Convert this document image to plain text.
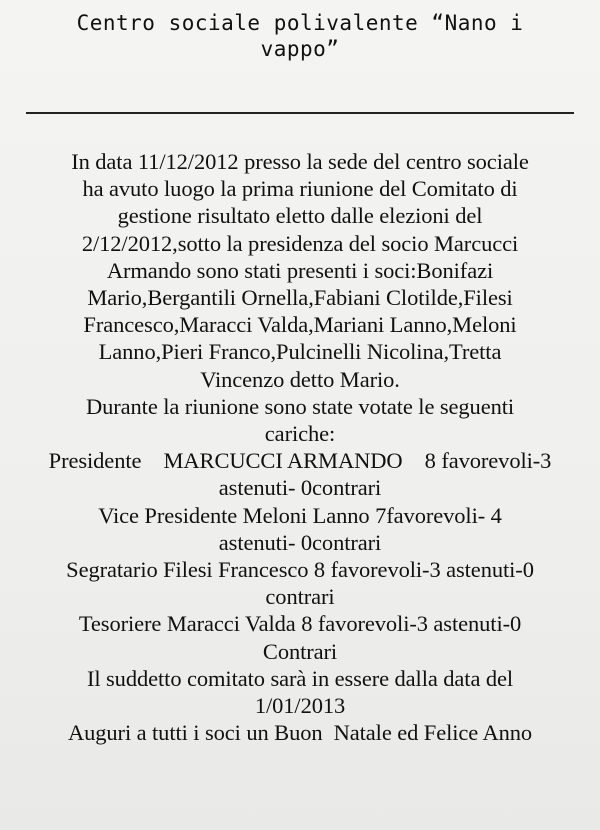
Centro sociale polivalente “Nano i
vappo”

In data 11/12/2012 presso la sede del centro sociale
ha avuto luogo la prima riunione del Comitato di
gestione risultato eletto dalle elezioni del
2/12/2012,sotto la presidenza del socio Marcucci
Armando sono stati presenti i soci:Bonifazi
Mario,Bergantili Ornella,Fabiani Clotilde,Filesi
Francesco,Maracci Valda,Mariani Lanno,Meloni
Lanno,Pieri Franco,Pulcinelli Nicolina,Tretta
Vincenzo detto Mario.

Durante la riunione sono state votate le seguenti
cariche:

Presidente    MARCUCCI ARMANDO    8 favorevoli-3
astenuti- 0contrari

Vice Presidente Meloni Lanno 7favorevoli- 4
astenuti- 0contrari

Segratario Filesi Francesco 8 favorevoli-3 astenuti-0
contrari

Tesoriere Maracci Valda 8 favorevoli-3 astenuti-0
Contrari

Il suddetto comitato sarà in essere dalla data del
1/01/2013

Auguri a tutti i soci un Buon  Natale ed Felice Anno
